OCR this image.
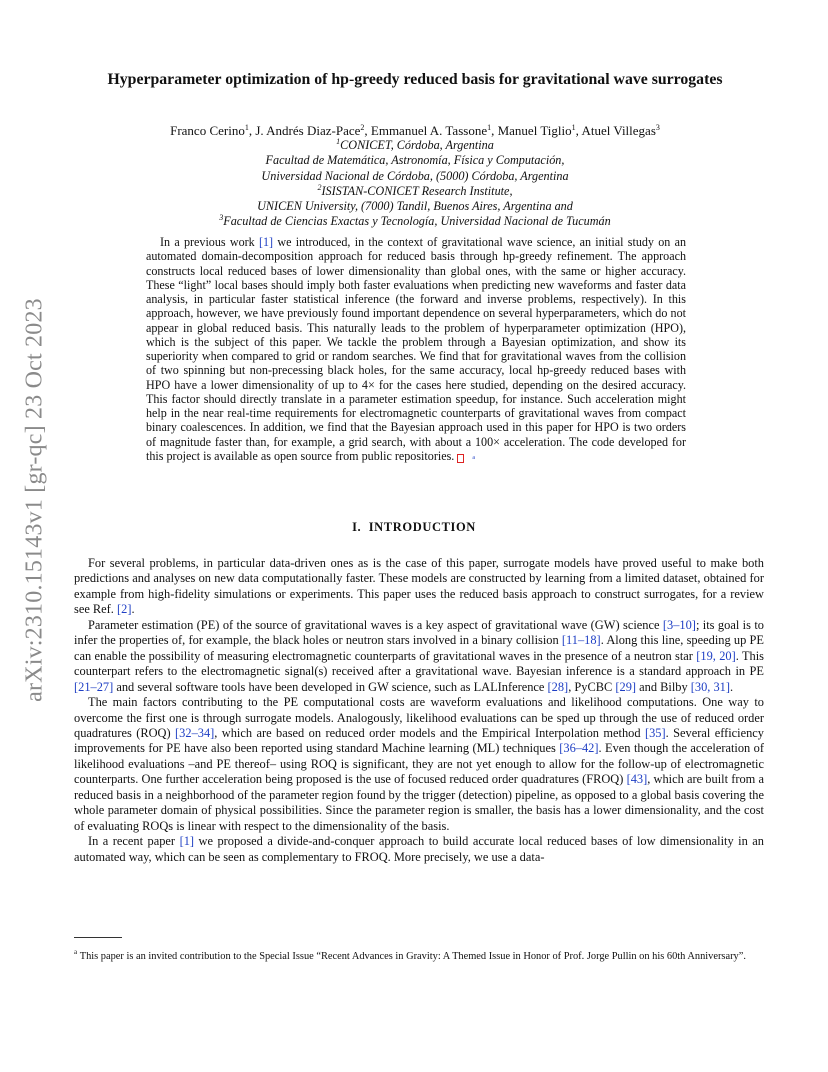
arXiv:2310.15143v1 [gr-qc] 23 Oct 2023
Hyperparameter optimization of hp-greedy reduced basis for gravitational wave surrogates
Franco Cerino$^1$, J. Andrés Diaz-Pace$^2$, Emmanuel A. Tassone$^1$, Manuel Tiglio$^1$, Atuel Villegas$^3$
$^1$CONICET, Córdoba, Argentina
Facultad de Matemática, Astronomía, Física y Computación,
Universidad Nacional de Córdoba, (5000) Córdoba, Argentina
$^2$ISISTAN-CONICET Research Institute,
UNICEN University, (7000) Tandil, Buenos Aires, Argentina and
$^3$Facultad de Ciencias Exactas y Tecnología, Universidad Nacional de Tucumán

In a previous work [1] we introduced, in the context of gravitational wave science, an initial study on an automated domain-decomposition approach for reduced basis through hp-greedy refinement. The approach constructs local reduced bases of lower dimensionality than global ones, with the same or higher accuracy. These “light” local bases should imply both faster evaluations when predicting new waveforms and faster data analysis, in particular faster statistical inference (the forward and inverse problems, respectively). In this approach, however, we have previously found important dependence on several hyperparameters, which do not appear in global reduced basis. This naturally leads to the problem of hyperparameter optimization (HPO), which is the subject of this paper. We tackle the problem through a Bayesian optimization, and show its superiority when compared to grid or random searches. We find that for gravitational waves from the collision of two spinning but non-precessing black holes, for the same accuracy, local hp-greedy reduced bases with HPO have a lower dimensionality of up to 4× for the cases here studied, depending on the desired accuracy. This factor should directly translate in a parameter estimation speedup, for instance. Such acceleration might help in the near real-time requirements for electromagnetic counterparts of gravitational waves from compact binary coalescences. In addition, we find that the Bayesian approach used in this paper for HPO is two orders of magnitude faster than, for example, a grid search, with about a 100× acceleration. The code developed for this project is available as open source from public repositories.	a

I. INTRODUCTION

For several problems, in particular data-driven ones as is the case of this paper, surrogate models have proved useful to make both predictions and analyses on new data computationally faster. These models are constructed by learning from a limited dataset, obtained for example from high-fidelity simulations or experiments. This paper uses the reduced basis approach to construct surrogates, for a review see Ref. [2].

Parameter estimation (PE) of the source of gravitational waves is a key aspect of gravitational wave (GW) science [3–10]; its goal is to infer the properties of, for example, the black holes or neutron stars involved in a binary collision [11–18]. Along this line, speeding up PE can enable the possibility of measuring electromagnetic counterparts of gravitational waves in the presence of a neutron star [19, 20]. This counterpart refers to the electromagnetic signal(s) received after a gravitational wave. Bayesian inference is a standard approach in PE [21–27] and several software tools have been developed in GW science, such as LALInference [28], PyCBC [29] and Bilby [30, 31].

The main factors contributing to the PE computational costs are waveform evaluations and likelihood computations. One way to overcome the first one is through surrogate models. Analogously, likelihood evaluations can be sped up through the use of reduced order quadratures (ROQ) [32–34], which are based on reduced order models and the Empirical Interpolation method [35]. Several efficiency improvements for PE have also been reported using standard Machine learning (ML) techniques [36–42]. Even though the acceleration of likelihood evaluations –and PE thereof– using ROQ is significant, they are not yet enough to allow for the follow-up of electromagnetic counterparts. One further acceleration being proposed is the use of focused reduced order quadratures (FROQ) [43], which are built from a reduced basis in a neighborhood of the parameter region found by the trigger (detection) pipeline, as opposed to a global basis covering the whole parameter domain of physical possibilities. Since the parameter region is smaller, the basis has a lower dimensionality, and the cost of evaluating ROQs is linear with respect to the dimensionality of the basis.

In a recent paper [1] we proposed a divide-and-conquer approach to build accurate local reduced bases of low dimensionality in an automated way, which can be seen as complementary to FROQ. More precisely, we use a data-

$^a$ This paper is an invited contribution to the Special Issue “Recent Advances in Gravity: A Themed Issue in Honor of Prof. Jorge Pullin on his 60th Anniversary”.
